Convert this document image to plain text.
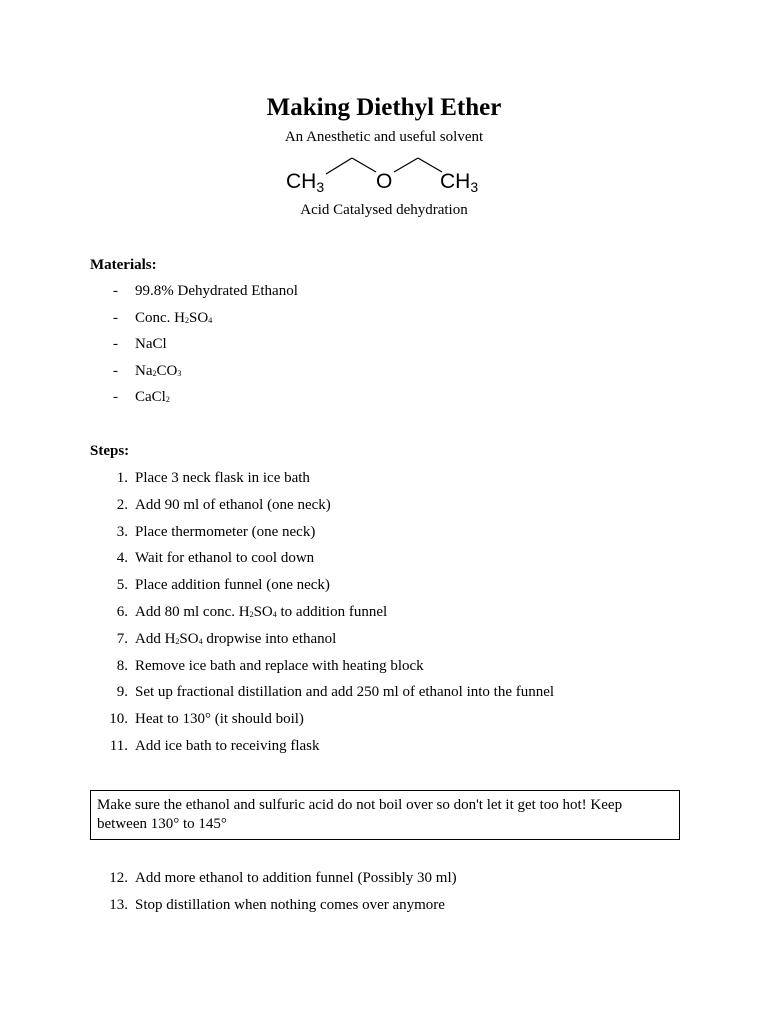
Making Diethyl Ether
An Anesthetic and useful solvent
CH3 O CH3
Acid Catalysed dehydration
Materials:
- 99.8% Dehydrated Ethanol
- Conc. H2SO4
- NaCl
- Na2CO3
- CaCl2
Steps:
1. Place 3 neck flask in ice bath
2. Add 90 ml of ethanol (one neck)
3. Place thermometer (one neck)
4. Wait for ethanol to cool down
5. Place addition funnel (one neck)
6. Add 80 ml conc. H2SO4 to addition funnel
7. Add H2SO4 dropwise into ethanol
8. Remove ice bath and replace with heating block
9. Set up fractional distillation and add 250 ml of ethanol into the funnel
10. Heat to 130° (it should boil)
11. Add ice bath to receiving flask
Make sure the ethanol and sulfuric acid do not boil over so don't let it get too hot! Keep between 130° to 145°
12. Add more ethanol to addition funnel (Possibly 30 ml)
13. Stop distillation when nothing comes over anymore
